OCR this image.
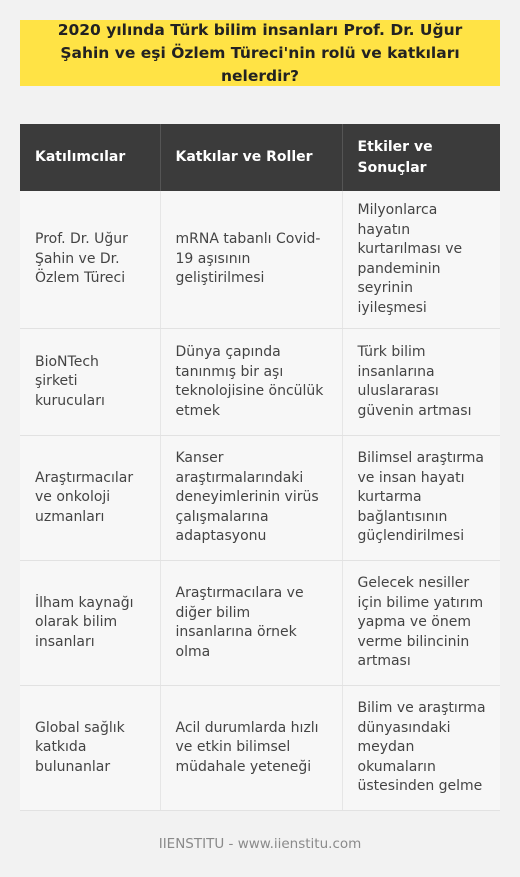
2020 yılında Türk bilim insanları Prof. Dr. Uğur Şahin ve eşi Özlem Türeci'nin rolü ve katkıları nelerdir?
Katılımcılar	Katkılar ve Roller	Etkiler ve Sonuçlar
Prof. Dr. Uğur Şahin ve Dr. Özlem Türeci	mRNA tabanlı Covid-19 aşısının geliştirilmesi	Milyonlarca hayatın kurtarılması ve pandeminin seyrinin iyileşmesi
BioNTech şirketi kurucuları	Dünya çapında tanınmış bir aşı teknolojisine öncülük etmek	Türk bilim insanlarına uluslararası güvenin artması
Araştırmacılar ve onkoloji uzmanları	Kanser araştırmalarındaki deneyimlerinin virüs çalışmalarına adaptasyonu	Bilimsel araştırma ve insan hayatı kurtarma bağlantısının güçlendirilmesi
İlham kaynağı olarak bilim insanları	Araştırmacılara ve diğer bilim insanlarına örnek olma	Gelecek nesiller için bilime yatırım yapma ve önem verme bilincinin artması
Global sağlık katkıda bulunanlar	Acil durumlarda hızlı ve etkin bilimsel müdahale yeteneği	Bilim ve araştırma dünyasındaki meydan okumaların üstesinden gelme
IIENSTITU - www.iienstitu.com
